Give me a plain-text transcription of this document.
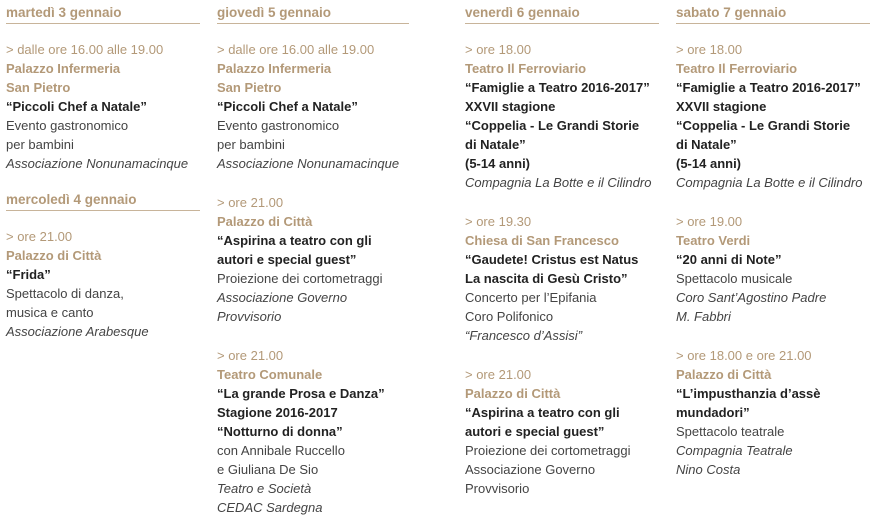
martedì 3 gennaio
> dalle ore 16.00 alle 19.00
Palazzo Infermeria
San Pietro
“Piccoli Chef a Natale”
Evento gastronomico
per bambini
Associazione Nonunamacinque
mercoledì 4 gennaio
> ore 21.00
Palazzo di Città
“Frida”
Spettacolo di danza,
musica e canto
Associazione Arabesque
giovedì 5 gennaio
> dalle ore 16.00 alle 19.00
Palazzo Infermeria
San Pietro
“Piccoli Chef a Natale”
Evento gastronomico
per bambini
Associazione Nonunamacinque
> ore 21.00
Palazzo di Città
“Aspirina a teatro con gli
autori e special guest”
Proiezione dei cortometraggi
Associazione Governo
Provvisorio
> ore 21.00
Teatro Comunale
“La grande Prosa e Danza”
Stagione 2016-2017
“Notturno di donna”
con Annibale Ruccello
e Giuliana De Sio
Teatro e Società
CEDAC Sardegna
venerdì 6 gennaio
> ore 18.00
Teatro Il Ferroviario
“Famiglie a Teatro 2016-2017”
XXVII stagione
“Coppelia - Le Grandi Storie
di Natale”
(5-14 anni)
Compagnia La Botte e il Cilindro
> ore 19.30
Chiesa di San Francesco
“Gaudete! Cristus est Natus
La nascita di Gesù Cristo”
Concerto per l’Epifania
Coro Polifonico
“Francesco d’Assisi”
> ore 21.00
Palazzo di Città
“Aspirina a teatro con gli
autori e special guest”
Proiezione dei cortometraggi
Associazione Governo
Provvisorio
sabato 7 gennaio
> ore 18.00
Teatro Il Ferroviario
“Famiglie a Teatro 2016-2017”
XXVII stagione
“Coppelia - Le Grandi Storie
di Natale”
(5-14 anni)
Compagnia La Botte e il Cilindro
> ore 19.00
Teatro Verdi
“20 anni di Note”
Spettacolo musicale
Coro Sant’Agostino Padre
M. Fabbri
> ore 18.00 e ore 21.00
Palazzo di Città
“L’impusthanzia d’assè
mundadori”
Spettacolo teatrale
Compagnia Teatrale
Nino Costa
